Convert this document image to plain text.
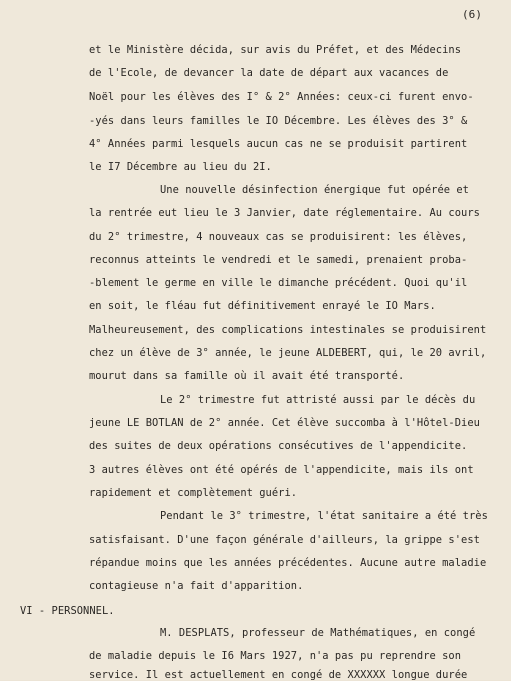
(6)
et le Ministère décida, sur avis du Préfet, et des Médecins
de l'Ecole, de devancer la date de départ aux vacances de
Noël pour les élèves des I° & 2° Années: ceux-ci furent envo-
-yés dans leurs familles le IO Décembre. Les élèves des 3° &
4° Années parmi lesquels aucun cas ne se produisit partirent
le I7 Décembre au lieu du 2I.
Une nouvelle désinfection énergique fut opérée et
la rentrée eut lieu le 3 Janvier, date réglementaire. Au cours
du 2° trimestre, 4 nouveaux cas se produisirent: les élèves,
reconnus atteints le vendredi et le samedi, prenaient proba-
-blement le germe en ville le dimanche précédent. Quoi qu'il
en soit, le fléau fut définitivement enrayé le IO Mars.
Malheureusement, des complications intestinales se produisirent
chez un élève de 3° année, le jeune ALDEBERT, qui, le 20 avril,
mourut dans sa famille où il avait été transporté.
Le 2° trimestre fut attristé aussi par le décès du
jeune LE BOTLAN de 2° année. Cet élève succomba à l'Hôtel-Dieu
des suites de deux opérations consécutives de l'appendicite.
3 autres élèves ont été opérés de l'appendicite, mais ils ont
rapidement et complètement guéri.
Pendant le 3° trimestre, l'état sanitaire a été très
satisfaisant. D'une façon générale d'ailleurs, la grippe s'est
répandue moins que les années précédentes. Aucune autre maladie
contagieuse n'a fait d'apparition.
VI - PERSONNEL.
M. DESPLATS, professeur de Mathématiques, en congé
de maladie depuis le I6 Mars 1927, n'a pas pu reprendre son
service. Il est actuellement en congé de XXXXXX longue durée
